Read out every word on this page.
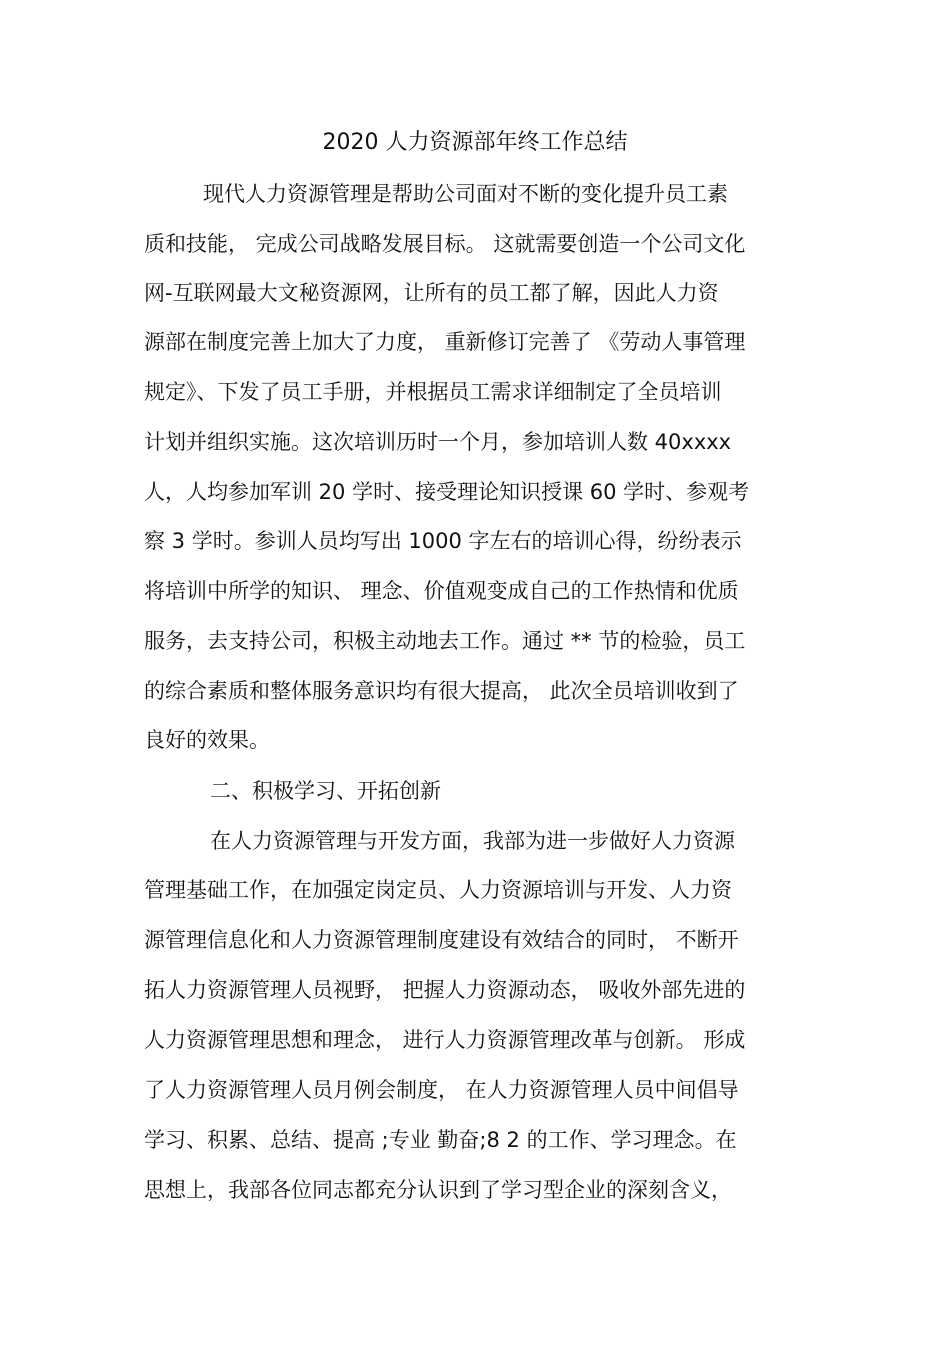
2020 人力资源部年终工作总结
现代人力资源管理是帮助公司面对不断的变化提升员工素
质和技能， 完成公司战略发展目标。 这就需要创造一个公司文化
网-互联网最大文秘资源网，让所有的员工都了解，因此人力资
源部在制度完善上加大了力度， 重新修订完善了 《劳动人事管理
规定》、下发了员工手册，并根据员工需求详细制定了全员培训
计划并组织实施。这次培训历时一个月，参加培训人数 40xxxx
人，人均参加军训 20 学时、接受理论知识授课 60 学时、参观考
察 3 学时。参训人员均写出 1000 字左右的培训心得，纷纷表示
将培训中所学的知识、 理念、价值观变成自己的工作热情和优质
服务，去支持公司，积极主动地去工作。通过 ** 节的检验，员工
的综合素质和整体服务意识均有很大提高， 此次全员培训收到了
良好的效果。
二、积极学习、开拓创新
在人力资源管理与开发方面，我部为进一步做好人力资源
管理基础工作，在加强定岗定员、人力资源培训与开发、人力资
源管理信息化和人力资源管理制度建设有效结合的同时， 不断开
拓人力资源管理人员视野， 把握人力资源动态， 吸收外部先进的
人力资源管理思想和理念， 进行人力资源管理改革与创新。 形成
了人力资源管理人员月例会制度， 在人力资源管理人员中间倡导
学习、积累、总结、提高 ;专业 勤奋;8 2 的工作、学习理念。在
思想上，我部各位同志都充分认识到了学习型企业的深刻含义，
